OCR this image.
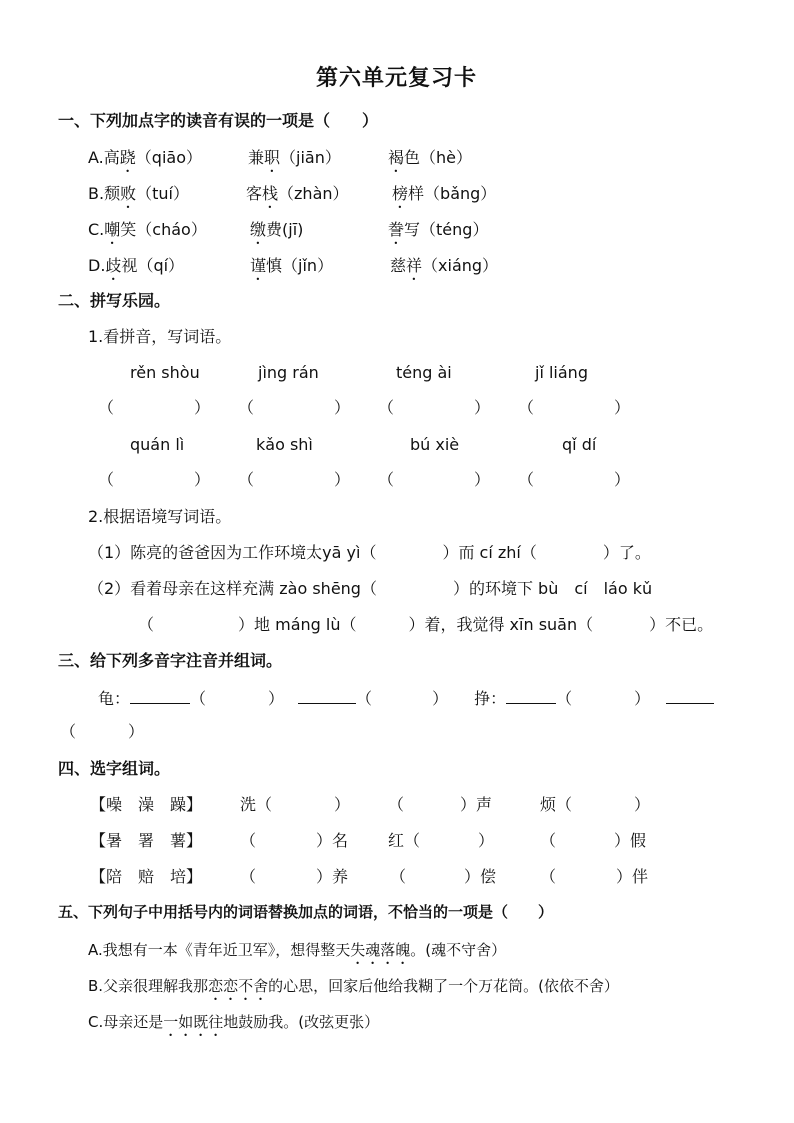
第六单元复习卡
一、下列加点字的读音有误的一项是（　　）
A.高跷（qiāo）	兼职（jiān）	褐色（hè）
B.颓败（tuí）	客栈（zhàn）	榜样（bǎng）
C.嘲笑（cháo）	缴费(jī)	誊写（téng）
D.歧视（qí）	谨慎（jǐn）	慈祥（xiáng）
二、拼写乐园。
1.看拼音，写词语。
rěn shòu	jìng rán	téng ài	jǐ liáng
（　　　　　） （　　　　　） （　　　　　） （　　　　　）
quán lì	kǎo shì	bú xiè	qǐ dí
（　　　　　） （　　　　　） （　　　　　） （　　　　　）
2.根据语境写词语。
（1）陈亮的爸爸因为工作环境太yā yì（	）而 cí zhí（	）了。
（2）看着母亲在这样充满 zào shēng（	）的环境下 bù　cí　láo kǔ
（	）地 máng lù（	）着，我觉得 xīn suān（	）不已。
三、给下列多音字注音并组词。
龟：	（	）	（	） 挣：	（	）
（	）
四、选字组词。
【噪　澡　躁】 洗（	） （	）声	烦（	）
【暑　署　薯】 （	）名 红（	）	（	）假
【陪　赔　培】 （	）养	（	）偿	（	）伴
五、下列句子中用括号内的词语替换加点的词语，不恰当的一项是（　　）
A.我想有一本《青年近卫军》，想得整天失魂落魄。(魂不守舍）
B.父亲很理解我那恋恋不舍的心思，回家后他给我糊了一个万花筒。(依依不舍）
C.母亲还是一如既往地鼓励我。(改弦更张）
